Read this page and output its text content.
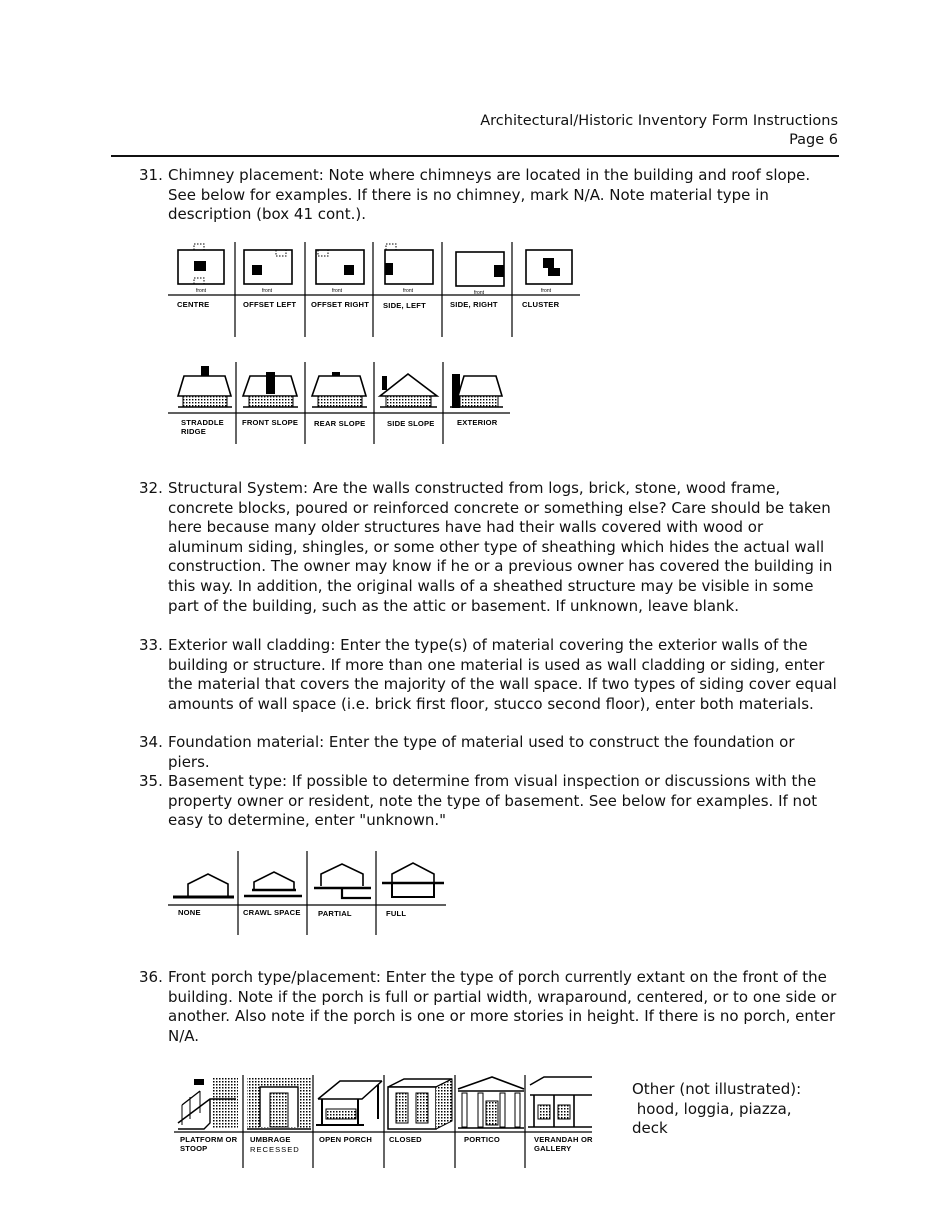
Architectural/Historic Inventory Form Instructions
Page 6
31. Chimney placement: Note where chimneys are located in the building and roof slope. See below for examples. If there is no chimney, mark N/A. Note material type in description (box 41 cont.).
front	front	front	front	front	front
CENTRE	OFFSET LEFT OFFSET RIGHT SIDE, LEFT	SIDE, RIGHT	CLUSTER
STRADDLE
RIDGE
FRONT SLOPE REAR SLOPE	SIDE SLOPE	EXTERIOR
32. Structural System: Are the walls constructed from logs, brick, stone, wood frame, concrete blocks, poured or reinforced concrete or something else? Care should be taken here because many older structures have had their walls covered with wood or aluminum siding, shingles, or some other type of sheathing which hides the actual wall construction. The owner may know if he or a previous owner has covered the building in this way. In addition, the original walls of a sheathed structure may be visible in some part of the building, such as the attic or basement. If unknown, leave blank.
33. Exterior wall cladding: Enter the type(s) of material covering the exterior walls of the building or structure. If more than one material is used as wall cladding or siding, enter the material that covers the majority of the wall space. If two types of siding cover equal amounts of wall space (i.e. brick first floor, stucco second floor), enter both materials.
34. Foundation material: Enter the type of material used to construct the foundation or piers.
35. Basement type: If possible to determine from visual inspection or discussions with the property owner or resident, note the type of basement. See below for examples. If not easy to determine, enter "unknown."
NONE	CRAWL SPACE PARTIAL	FULL
36. Front porch type/placement: Enter the type of porch currently extant on the front of the building. Note if the porch is full or partial width, wraparound, centered, or to one side or another. Also note if the porch is one or more stories in height. If there is no porch, enter N/A.
PLATFORM OR
STOOP
UMBRAGE
RECESSED
OPEN PORCH CLOSED	PORTICO	VERANDAH OR
GALLERY
Other (not illustrated):
hood, loggia, piazza,
deck
